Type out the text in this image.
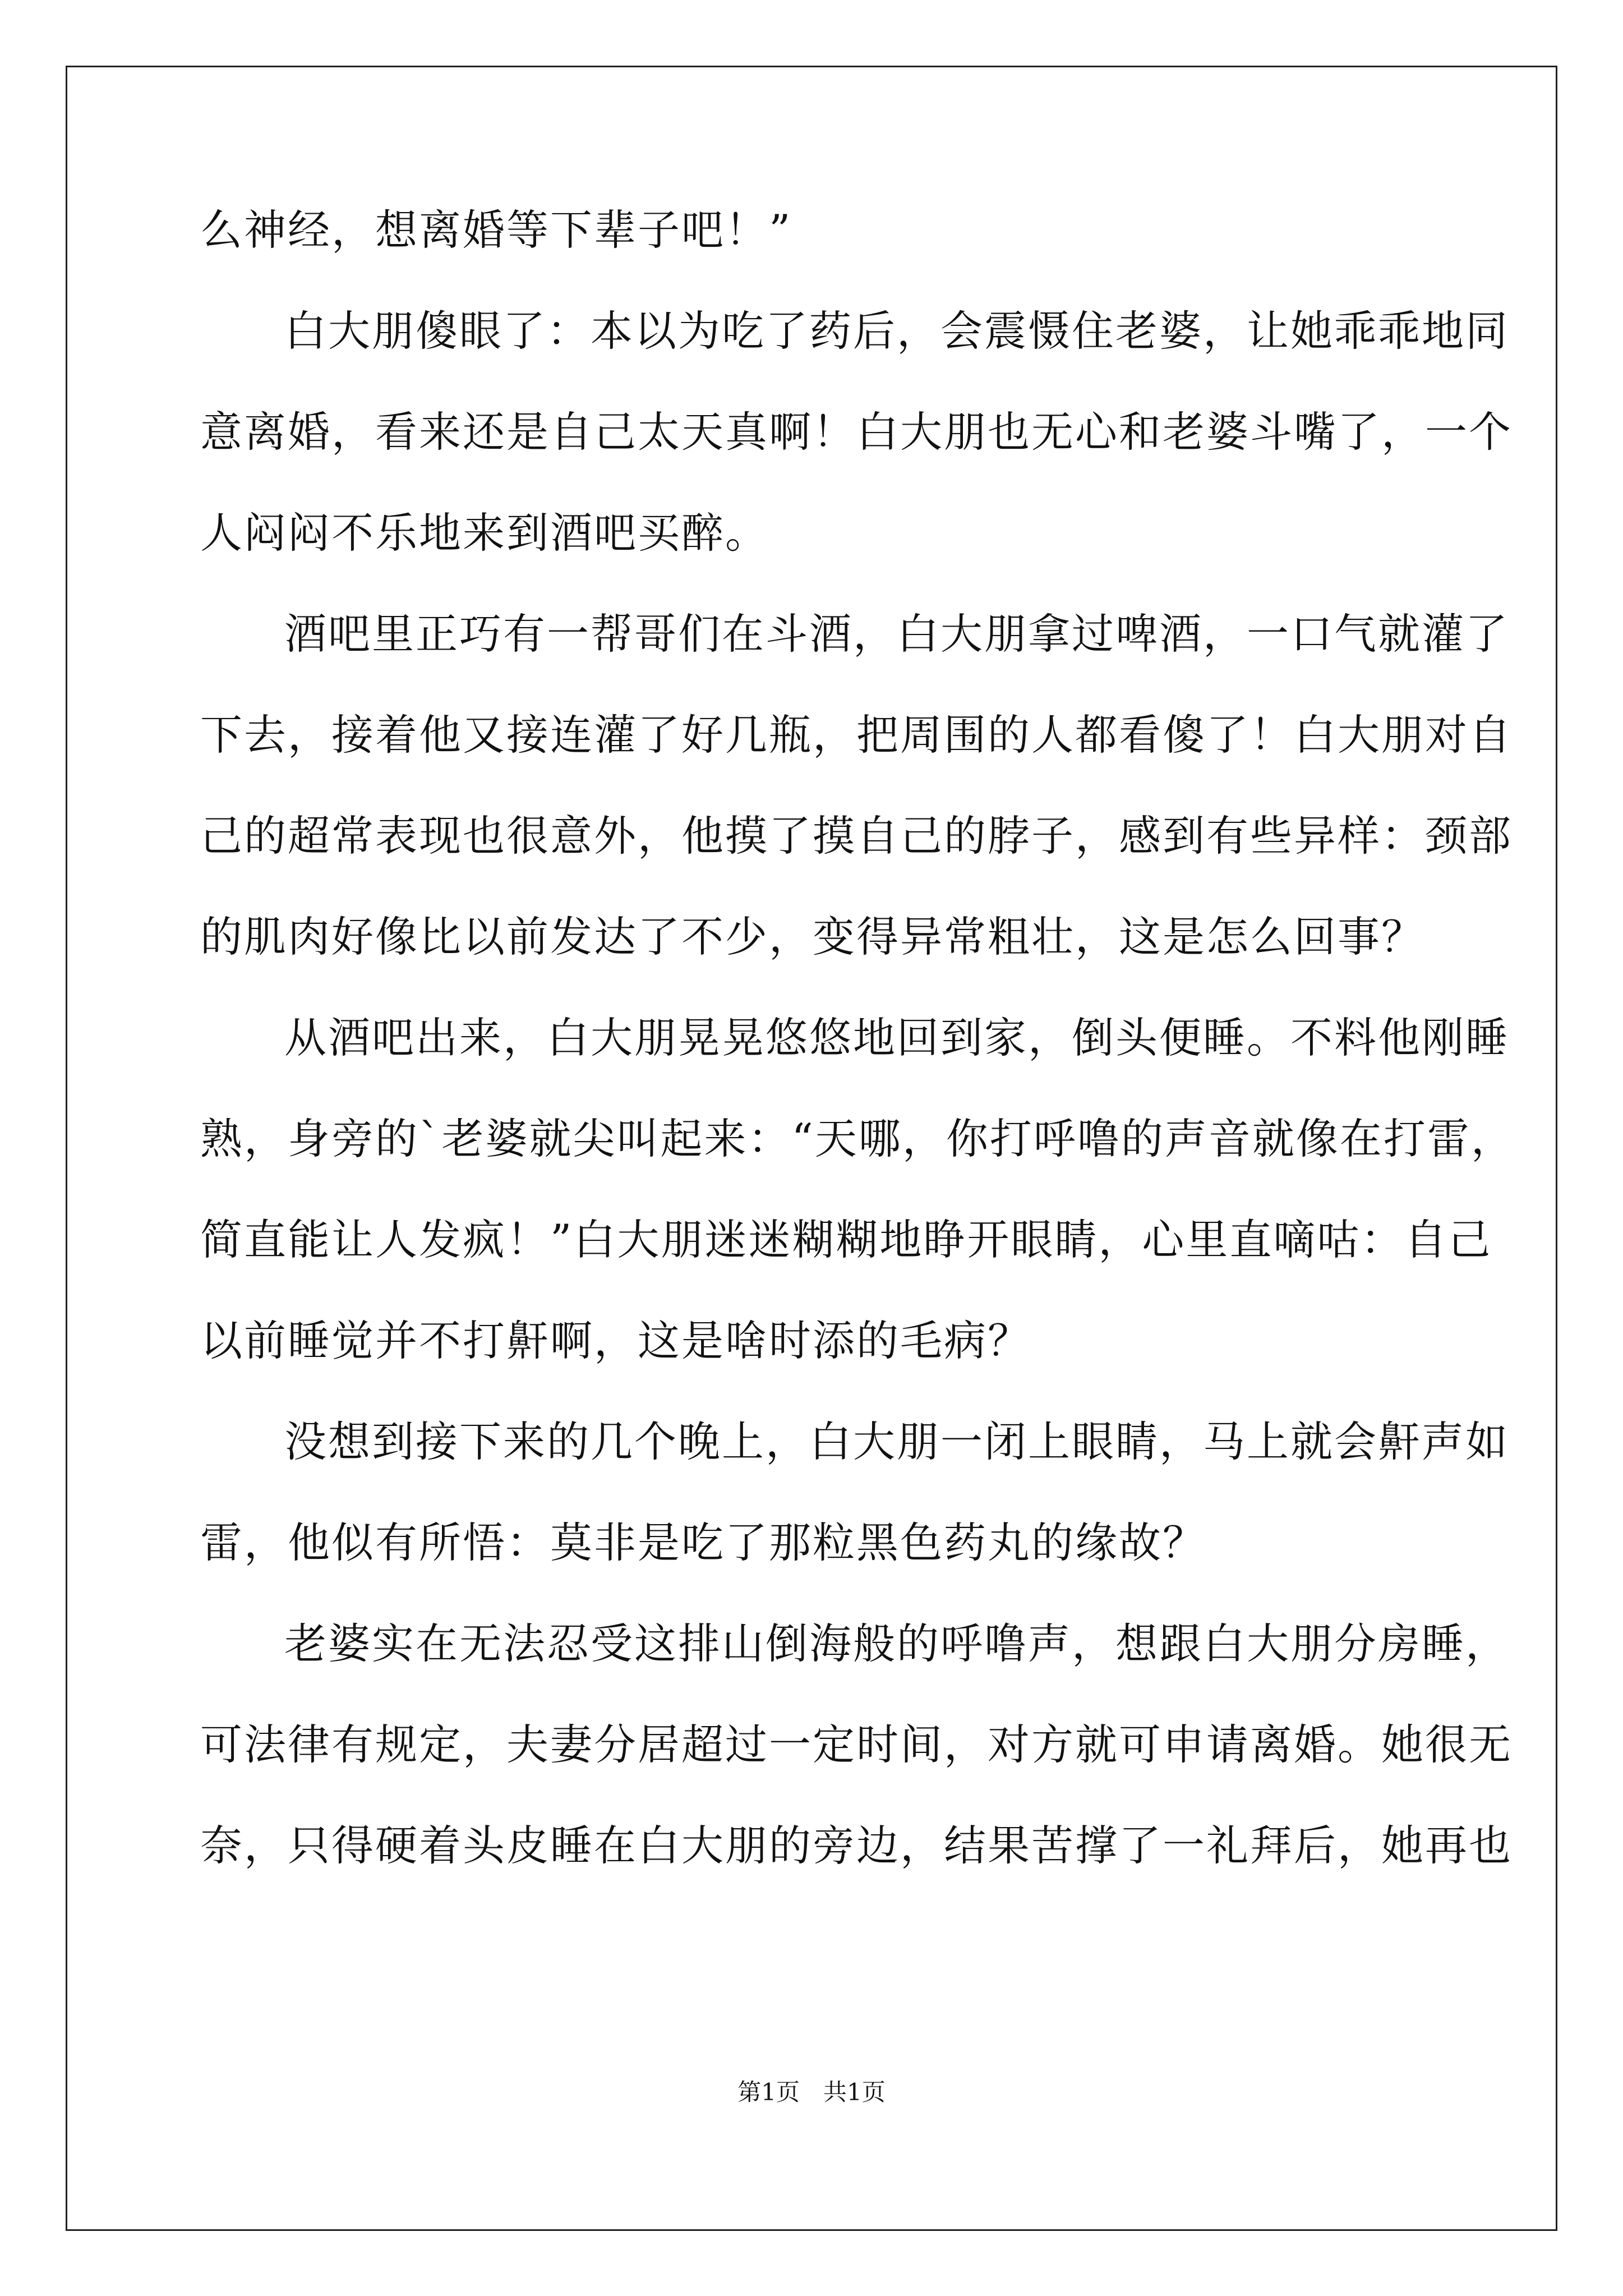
么神经，想离婚等下辈子吧！”
白大朋傻眼了：本以为吃了药后，会震慑住老婆，让她乖乖地同
意离婚，看来还是自己太天真啊！白大朋也无心和老婆斗嘴了，一个
人闷闷不乐地来到酒吧买醉。
酒吧里正巧有一帮哥们在斗酒，白大朋拿过啤酒，一口气就灌了
下去，接着他又接连灌了好几瓶，把周围的人都看傻了！白大朋对自
己的超常表现也很意外，他摸了摸自己的脖子，感到有些异样：颈部
的肌肉好像比以前发达了不少，变得异常粗壮，这是怎么回事？
从酒吧出来，白大朋晃晃悠悠地回到家，倒头便睡。不料他刚睡
熟，身旁的`老婆就尖叫起来：“天哪，你打呼噜的声音就像在打雷，
简直能让人发疯！”白大朋迷迷糊糊地睁开眼睛，心里直嘀咕：自己
以前睡觉并不打鼾啊，这是啥时添的毛病？
没想到接下来的几个晚上，白大朋一闭上眼睛，马上就会鼾声如
雷，他似有所悟：莫非是吃了那粒黑色药丸的缘故？
老婆实在无法忍受这排山倒海般的呼噜声，想跟白大朋分房睡，
可法律有规定，夫妻分居超过一定时间，对方就可申请离婚。她很无
奈，只得硬着头皮睡在白大朋的旁边，结果苦撑了一礼拜后，她再也
第1页 共1页
